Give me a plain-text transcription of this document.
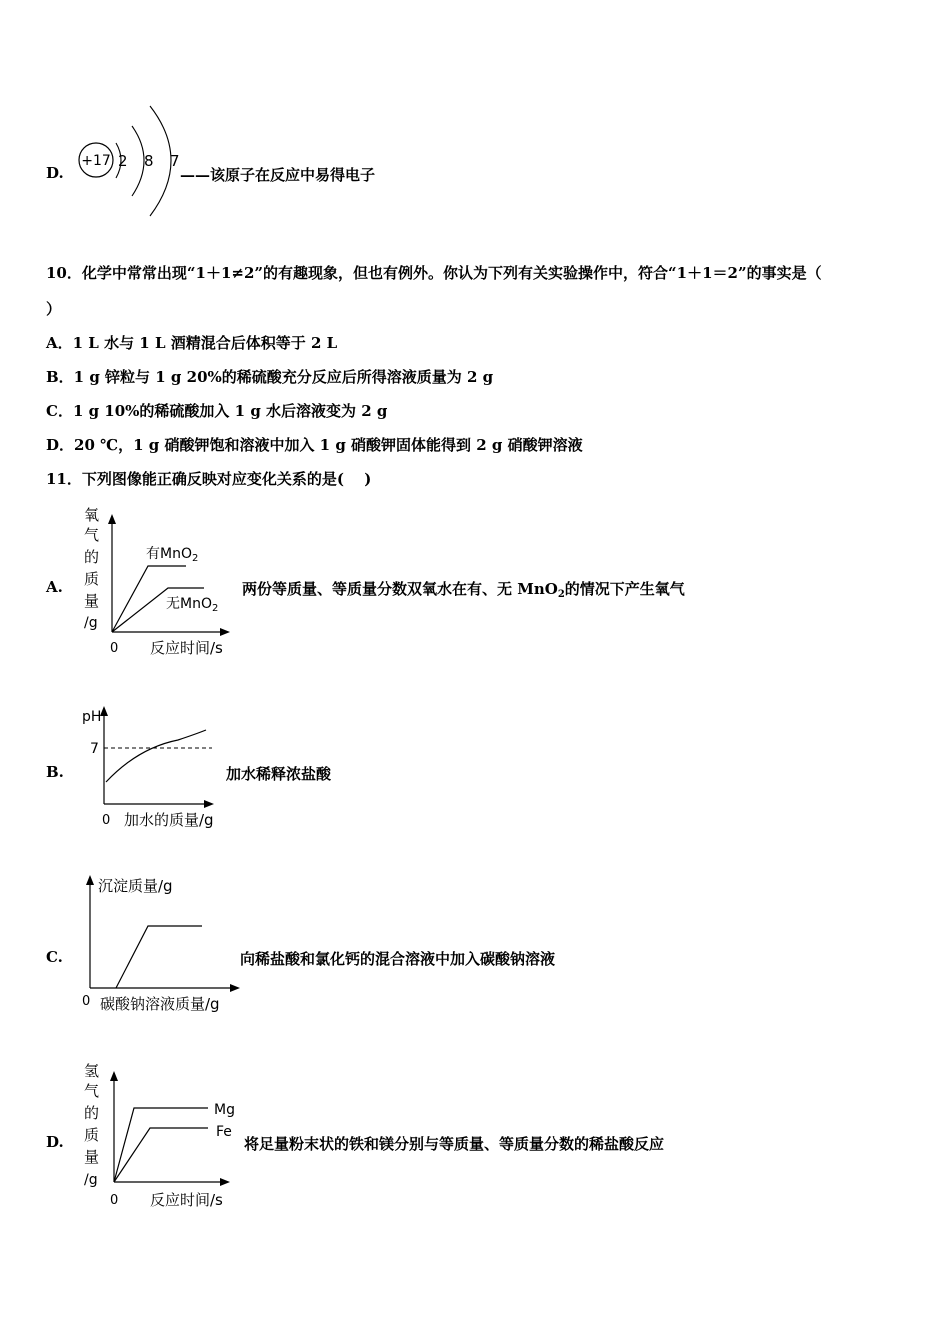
D.
+17 2 8 7
——该原子在反应中易得电子
10．化学中常常出现“1＋1≠2”的有趣现象，但也有例外。你认为下列有关实验操作中，符合“1＋1＝2”的事实是（
）
A．1 L 水与 1 L 酒精混合后体积等于 2 L
B．1 g 锌粒与 1 g 20%的稀硫酸充分反应后所得溶液质量为 2 g
C．1 g 10%的稀硫酸加入 1 g 水后溶液变为 2 g
D．20 ℃，1 g 硝酸钾饱和溶液中加入 1 g 硝酸钾固体能得到 2 g 硝酸钾溶液
11．下列图像能正确反映对应变化关系的是(　 )
A.
氧
气
的
质
量
/g
有MnO$_2$
无MnO$_2$
0 反应时间/s
两份等质量、等质量分数双氧水在有、无 MnO$_2$的情况下产生氧气
B.
pH
7
0 加水的质量/g
加水稀释浓盐酸
C.
沉淀质量/g
0 碳酸钠溶液质量/g
向稀盐酸和氯化钙的混合溶液中加入碳酸钠溶液
D.
氢
气
的
质
量
/g
Mg
Fe
0 反应时间/s
将足量粉末状的铁和镁分别与等质量、等质量分数的稀盐酸反应
